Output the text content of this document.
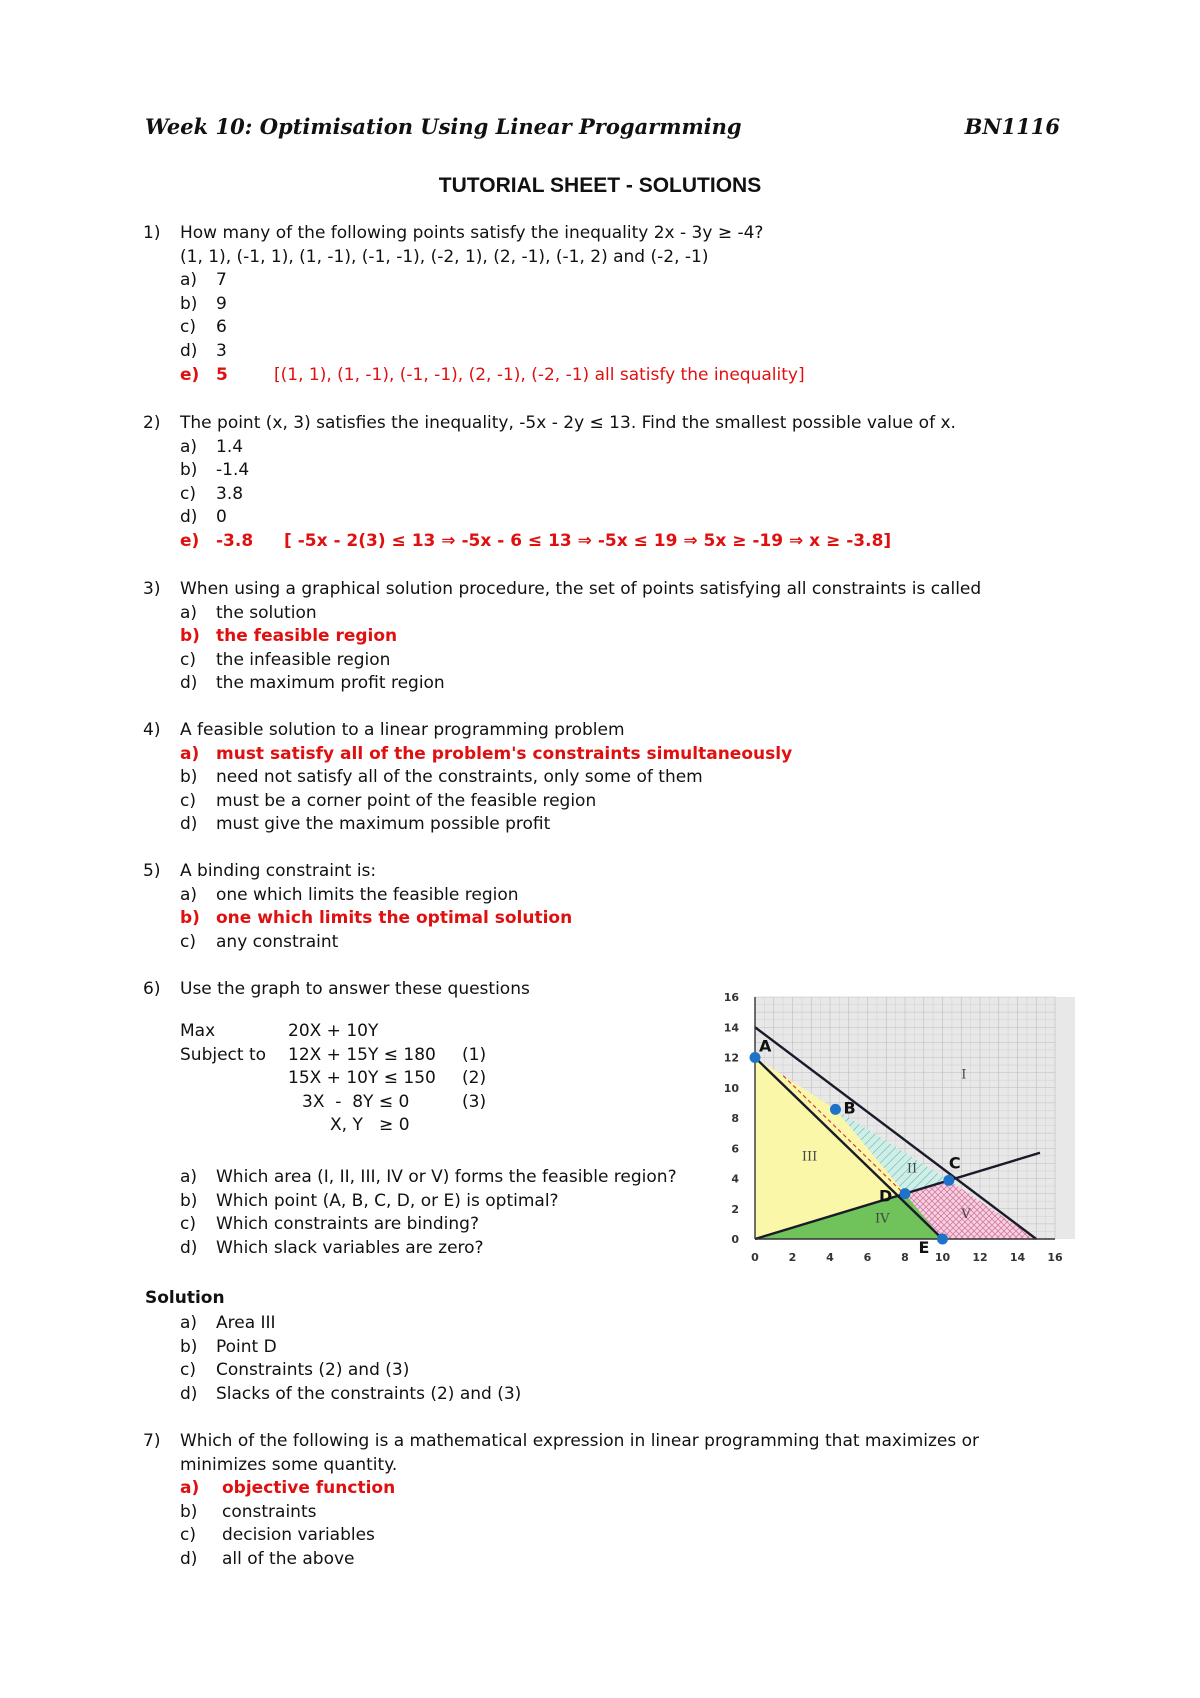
Week 10: Optimisation Using Linear Progarmming	BN1116
TUTORIAL SHEET - SOLUTIONS
1) How many of the following points satisfy the inequality 2x - 3y ≥ -4?
(1, 1), (-1, 1), (1, -1), (-1, -1), (-2, 1), (2, -1), (-1, 2) and (-2, -1)
a) 7
b) 9
c) 6
d) 3
e) 5	[(1, 1), (1, -1), (-1, -1), (2, -1), (-2, -1) all satisfy the inequality]
2) The point (x, 3) satisfies the inequality, -5x - 2y ≤ 13. Find the smallest possible value of x.
a) 1.4
b) -1.4
c) 3.8
d) 0
e) -3.8 [ -5x - 2(3) ≤ 13 ⇒ -5x - 6 ≤ 13 ⇒ -5x ≤ 19 ⇒ 5x ≥ -19 ⇒ x ≥ -3.8]
3) When using a graphical solution procedure, the set of points satisfying all constraints is called
a) the solution
b) the feasible region
c) the infeasible region
d) the maximum profit region
4) A feasible solution to a linear programming problem
a) must satisfy all of the problem's constraints simultaneously
b) need not satisfy all of the constraints, only some of them
c) must be a corner point of the feasible region
d) must give the maximum possible profit
5) A binding constraint is:
a) one which limits the feasible region
b) one which limits the optimal solution
c) any constraint
6) Use the graph to answer these questions
Max	20X + 10Y
Subject to 12X + 15Y ≤ 180 (1)
15X + 10Y ≤ 150 (2)
3X  -  8Y ≤ 0	(3)
X, Y   ≥ 0
a) Which area (I, II, III, IV or V) forms the feasible region?
b) Which point (A, B, C, D, or E) is optimal?
c) Which constraints are binding?
d) Which slack variables are zero?
Solution
a) Area III
b) Point D
c) Constraints (2) and (3)
d) Slacks of the constraints (2) and (3)
7) Which of the following is a mathematical expression in linear programming that maximizes or minimizes some quantity.
a) objective function
b) constraints
c) decision variables
d) all of the above
0	2	4	6	8 10 12 14 16
0
2
4
6
8
10
12
14
16
I
II
III
IV	V
A
B
C
D
E
